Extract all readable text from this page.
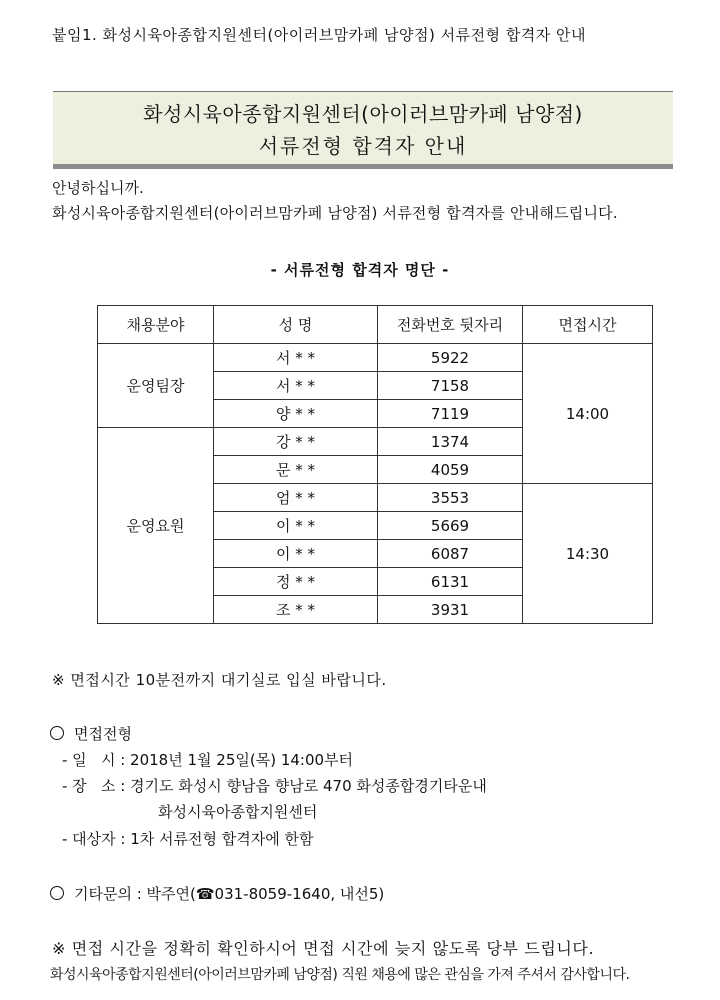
붙임1. 화성시육아종합지원센터(아이러브맘카페 남양점) 서류전형 합격자 안내
화성시육아종합지원센터(아이러브맘카페 남양점)
서류전형 합격자 안내
안녕하십니까.
화성시육아종합지원센터(아이러브맘카페 남양점) 서류전형 합격자를 안내해드립니다.
- 서류전형 합격자 명단 -
채용분야	성 명	전화번호 뒷자리	면접시간
운영팀장	서 * *	5922	14:00
	서 * *	7158	
	양 * *	7119	
운영요원	강 * *	1374	
	문 * *	4059	
	엄 * *	3553	14:30
	이 * *	5669	
	이 * *	6087	
	정 * *	6131	
	조 * *	3931	
※ 면접시간 10분전까지 대기실로 입실 바랍니다.
면접전형
- 일   시 : 2018년 1월 25일(목) 14:00부터
- 장   소 : 경기도 화성시 향남읍 향남로 470 화성종합경기타운내
화성시육아종합지원센터
- 대상자 : 1차 서류전형 합격자에 한함
기타문의 : 박주연(☎031-8059-1640, 내선5)
※ 면접 시간을 정확히 확인하시어 면접 시간에 늦지 않도록 당부 드립니다.
화성시육아종합지원센터(아이러브맘카페 남양점) 직원 채용에 많은 관심을 가져 주셔서 감사합니다.
